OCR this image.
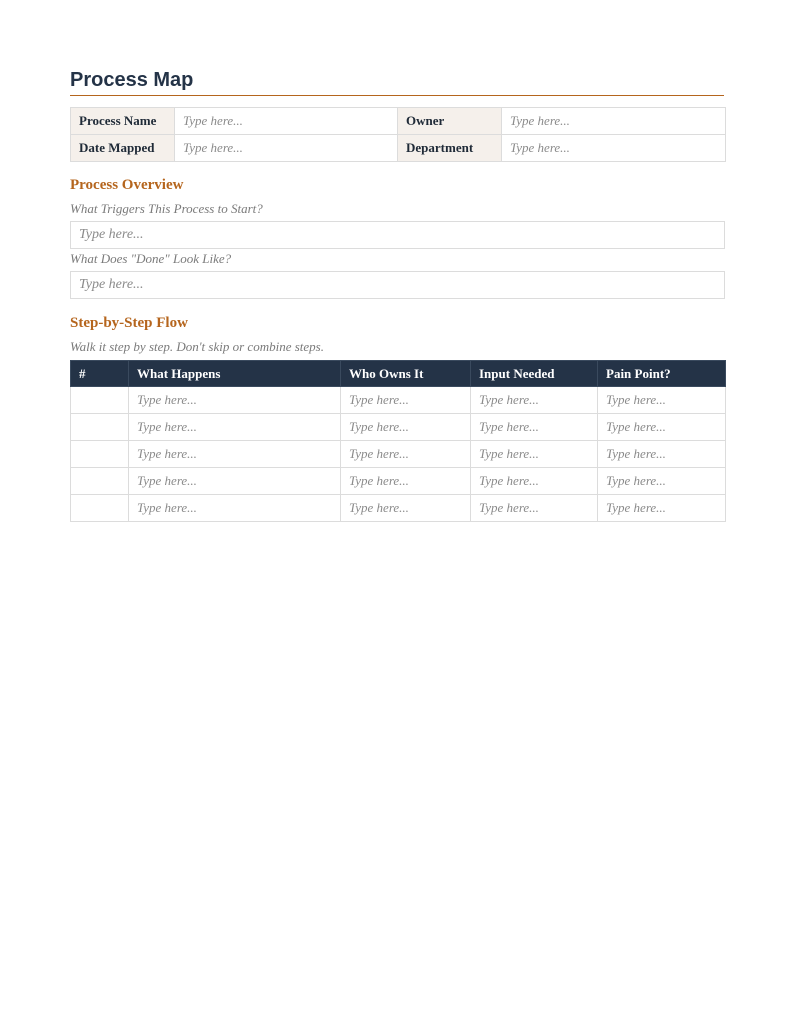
Process Map
Process Name	Type here...	Owner	Type here...
Date Mapped	Type here...	Department	Type here...
Process Overview
What Triggers This Process to Start?
Type here...
What Does "Done" Look Like?
Type here...
Step-by-Step Flow
Walk it step by step. Don't skip or combine steps.
#	What Happens	Who Owns It	Input Needed	Pain Point?
	Type here...	Type here...	Type here...	Type here...
	Type here...	Type here...	Type here...	Type here...
	Type here...	Type here...	Type here...	Type here...
	Type here...	Type here...	Type here...	Type here...
	Type here...	Type here...	Type here...	Type here...
